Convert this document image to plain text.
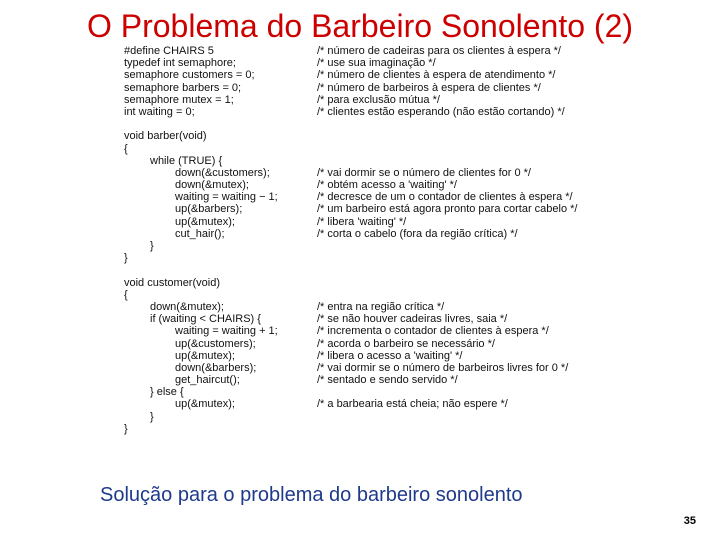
O Problema do Barbeiro Sonolento (2)
#define CHAIRS 5	/* número de cadeiras para os clientes à espera */
typedef int semaphore;	/* use sua imaginação */
semaphore customers = 0;	/* número de clientes à espera de atendimento */
semaphore barbers = 0;	/* número de barbeiros à espera de clientes */
semaphore mutex = 1;	/* para exclusão mútua */
int waiting = 0;	/* clientes estão esperando (não estão cortando) */
void barber(void)
{
while (TRUE) {
down(&customers);	/* vai dormir se o número de clientes for 0 */
down(&mutex);	/* obtém acesso a 'waiting' */
waiting = waiting − 1;	/* decresce de um o contador de clientes à espera */
up(&barbers);	/* um barbeiro está agora pronto para cortar cabelo */
up(&mutex);	/* libera 'waiting' */
cut_hair();	/* corta o cabelo (fora da região crítica) */
}
}
void customer(void)
{
down(&mutex);	/* entra na região crítica */
if (waiting < CHAIRS) {	/* se não houver cadeiras livres, saia */
waiting = waiting + 1;	/* incrementa o contador de clientes à espera */
up(&customers);	/* acorda o barbeiro se necessário */
up(&mutex);	/* libera o acesso a 'waiting' */
down(&barbers);	/* vai dormir se o número de barbeiros livres for 0 */
get_haircut();	/* sentado e sendo servido */
} else {
up(&mutex);	/* a barbearia está cheia; não espere */
}
}
Solução para o problema do barbeiro sonolento
35
